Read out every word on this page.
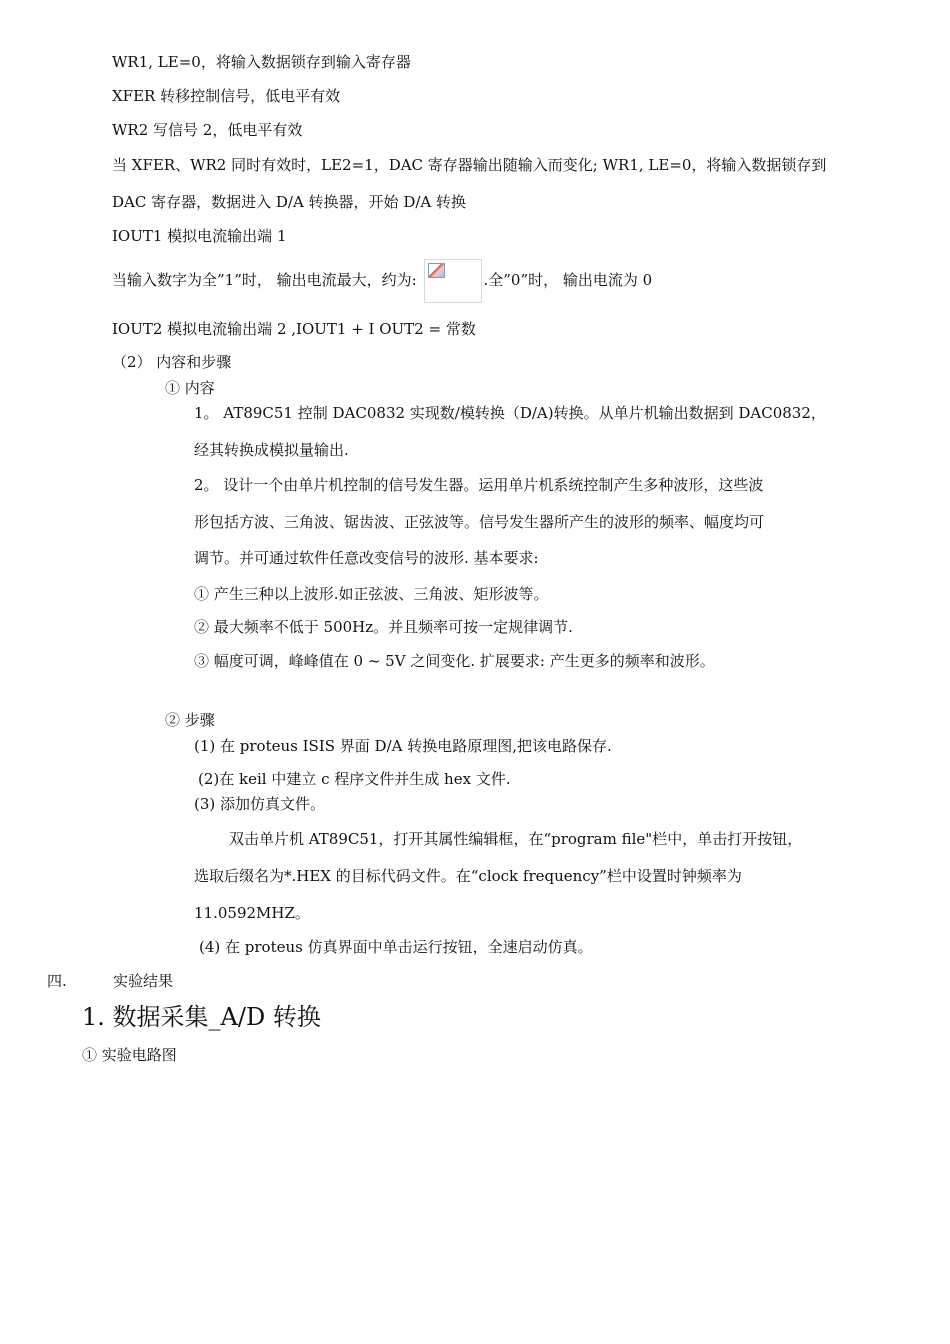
WR1, LE=0，将输入数据锁存到输入寄存器
XFER 转移控制信号，低电平有效
WR2 写信号 2，低电平有效
当 XFER、WR2 同时有效时，LE2=1，DAC 寄存器输出随输入而变化; WR1, LE=0，将输入数据锁存到
DAC 寄存器，数据进入 D/A 转换器，开始 D/A 转换
IOUT1 模拟电流输出端 1
当输入数字为全”1”时， 输出电流最大，约为:	.全”0”时， 输出电流为 0
IOUT2 模拟电流输出端 2 ,IOUT1 + I OUT2 = 常数
（2） 内容和步骤
① 内容
1。 AT89C51 控制 DAC0832 实现数/模转换（D/A)转换。从单片机输出数据到 DAC0832，
经其转换成模拟量输出.
2。 设计一个由单片机控制的信号发生器。运用单片机系统控制产生多种波形，这些波
形包括方波、三角波、锯齿波、正弦波等。信号发生器所产生的波形的频率、幅度均可
调节。并可通过软件任意改变信号的波形. 基本要求:
① 产生三种以上波形.如正弦波、三角波、矩形波等。
② 最大频率不低于 500Hz。并且频率可按一定规律调节.
③ 幅度可调，峰峰值在 0 ~ 5V 之间变化. 扩展要求: 产生更多的频率和波形。
② 步骤
(1) 在 proteus ISIS 界面 D/A 转换电路原理图,把该电路保存.
(2)在 keil 中建立 c 程序文件并生成 hex 文件.
(3) 添加仿真文件。
双击单片机 AT89C51，打开其属性编辑框，在“program file"栏中，单击打开按钮，
选取后缀名为*.HEX 的目标代码文件。在“clock frequency”栏中设置时钟频率为
11.0592MHZ。
(4) 在 proteus 仿真界面中单击运行按钮，全速启动仿真。
四.	实验结果
1. 数据采集_A/D 转换
① 实验电路图
